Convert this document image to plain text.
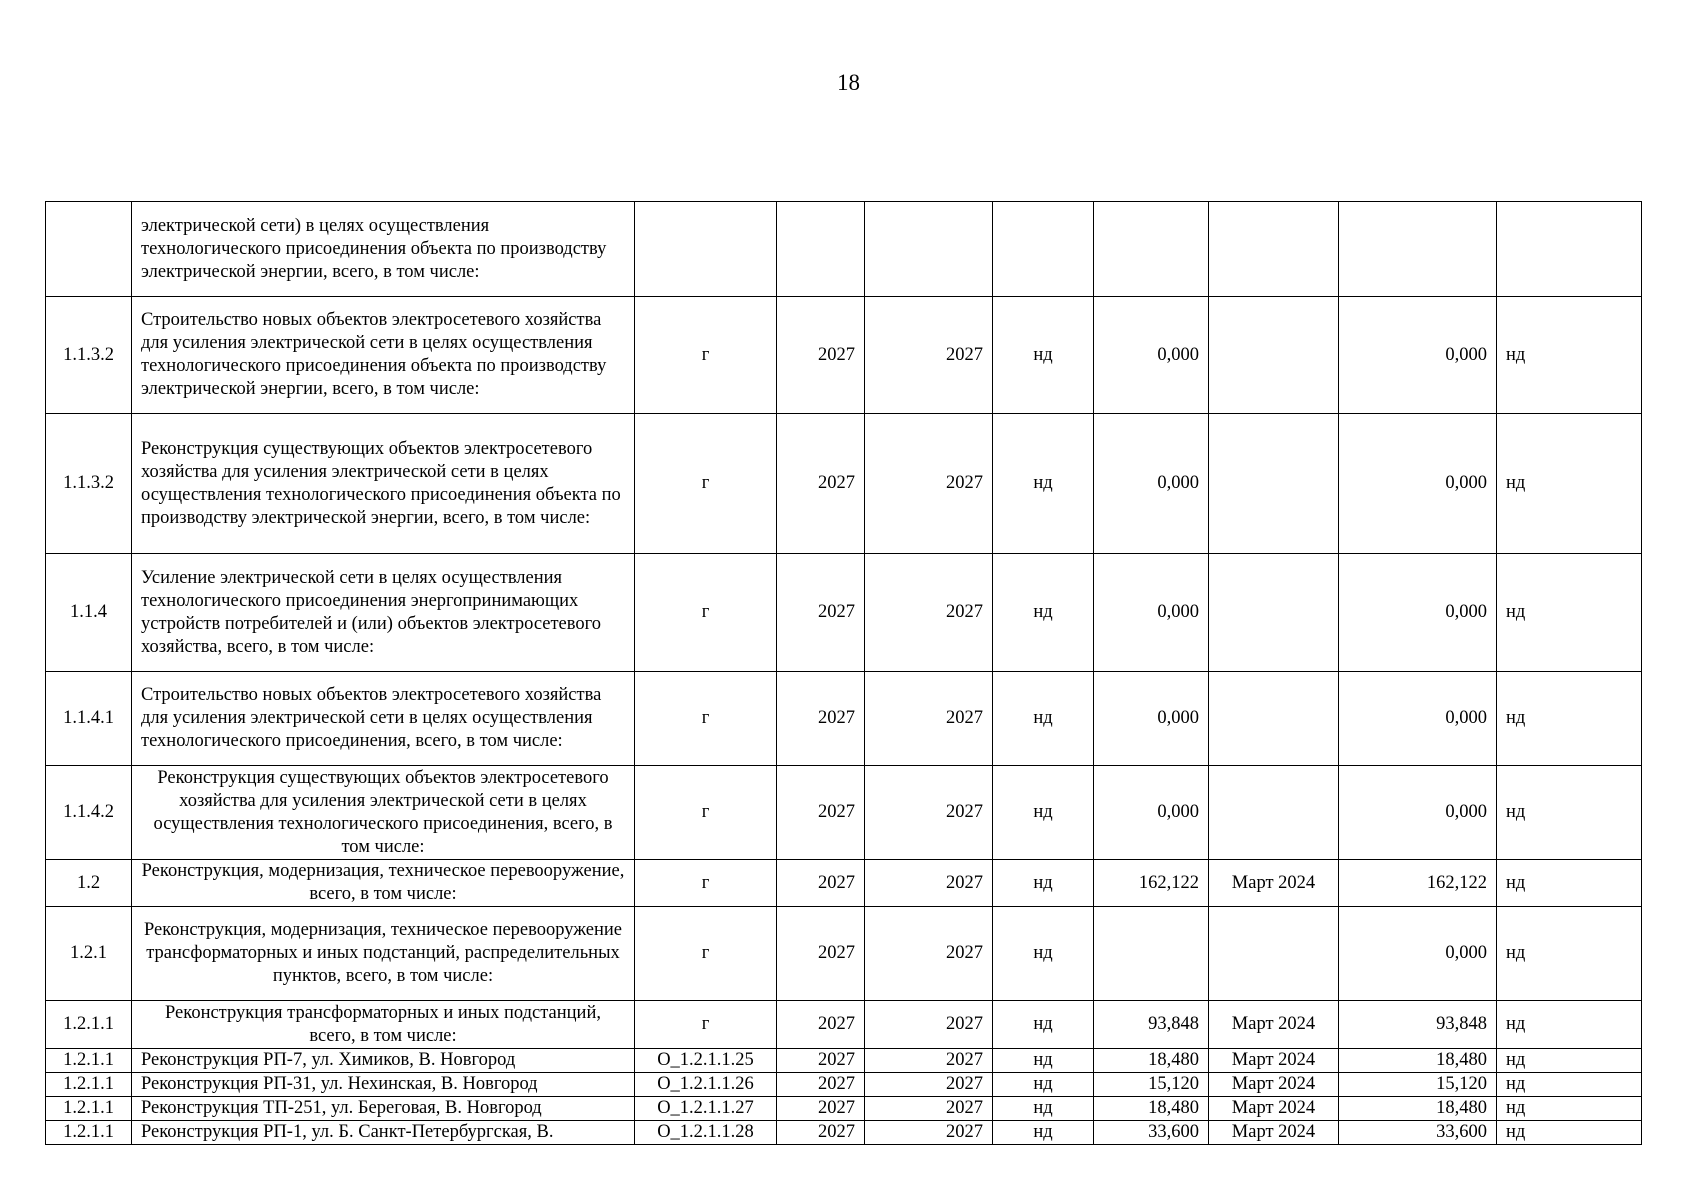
18
	электрической сети) в целях осуществления технологического присоединения объекта по производству электрической энергии, всего, в том числе:								
1.1.3.2	Строительство новых объектов электросетевого хозяйства для усиления электрической сети в целях осуществления технологического присоединения объекта по производству электрической энергии, всего, в том числе:	г	2027	2027	нд	0,000		0,000	нд
1.1.3.2	Реконструкция существующих объектов электросетевого хозяйства для усиления электрической сети в целях осуществления технологического присоединения объекта по производству электрической энергии, всего, в том числе:	г	2027	2027	нд	0,000		0,000	нд
1.1.4	Усиление электрической сети в целях осуществления технологического присоединения энергопринимающих устройств потребителей и (или) объектов электросетевого хозяйства, всего, в том числе:	г	2027	2027	нд	0,000		0,000	нд
1.1.4.1	Строительство новых объектов электросетевого хозяйства для усиления электрической сети в целях осуществления технологического присоединения, всего, в том числе:	г	2027	2027	нд	0,000		0,000	нд
1.1.4.2	Реконструкция существующих объектов электросетевого хозяйства для усиления электрической сети в целях осуществления технологического присоединения, всего, в том числе:	г	2027	2027	нд	0,000		0,000	нд
1.2	Реконструкция, модернизация, техническое перевооружение, всего, в том числе:	г	2027	2027	нд	162,122	Март 2024	162,122	нд
1.2.1	Реконструкция, модернизация, техническое перевооружение трансформаторных и иных подстанций, распределительных пунктов, всего, в том числе:	г	2027	2027	нд			0,000	нд
1.2.1.1	Реконструкция трансформаторных и иных подстанций, всего, в том числе:	г	2027	2027	нд	93,848	Март 2024	93,848	нд
1.2.1.1	Реконструкция РП-7, ул. Химиков, В. Новгород	О_1.2.1.1.25	2027	2027	нд	18,480	Март 2024	18,480	нд
1.2.1.1	Реконструкция РП-31, ул. Нехинская, В. Новгород	О_1.2.1.1.26	2027	2027	нд	15,120	Март 2024	15,120	нд
1.2.1.1	Реконструкция ТП-251, ул. Береговая, В. Новгород	О_1.2.1.1.27	2027	2027	нд	18,480	Март 2024	18,480	нд
1.2.1.1	Реконструкция РП-1, ул. Б. Санкт-Петербургская, В.	О_1.2.1.1.28	2027	2027	нд	33,600	Март 2024	33,600	нд
